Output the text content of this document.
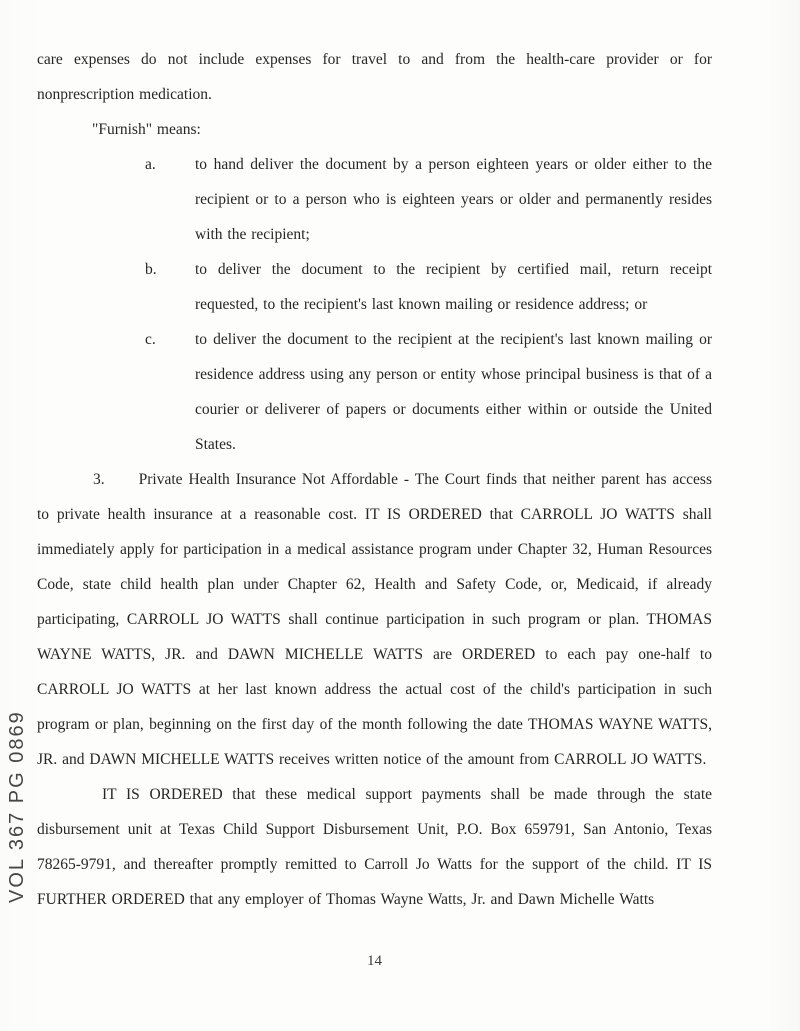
VOL 367 PG 0869

care expenses do not include expenses for travel to and from the health-care provider or for nonprescription medication.

"Furnish" means:

a.	to hand deliver the document by a person eighteen years or older either to the recipient or to a person who is eighteen years or older and permanently resides with the recipient;
b. to deliver the document to the recipient by certified mail, return receipt requested, to the recipient's last known mailing or residence address; or
c.	to deliver the document to the recipient at the recipient's last known mailing or residence address using any person or entity whose principal business is that of a courier or deliverer of papers or documents either within or outside the United States.

3. Private Health Insurance Not Affordable - The Court finds that neither parent has access to private health insurance at a reasonable cost. IT IS ORDERED that CARROLL JO WATTS shall immediately apply for participation in a medical assistance program under Chapter 32, Human Resources Code, state child health plan under Chapter 62, Health and Safety Code, or, Medicaid, if already participating, CARROLL JO WATTS shall continue participation in such program or plan. THOMAS WAYNE WATTS, JR. and DAWN MICHELLE WATTS are ORDERED to each pay one-half to CARROLL JO WATTS at her last known address the actual cost of the child's participation in such program or plan, beginning on the first day of the month following the date THOMAS WAYNE WATTS, JR. and DAWN MICHELLE WATTS receives written notice of the amount from CARROLL JO WATTS.

IT IS ORDERED that these medical support payments shall be made through the state disbursement unit at Texas Child Support Disbursement Unit, P.O. Box 659791, San Antonio, Texas 78265-9791, and thereafter promptly remitted to Carroll Jo Watts for the support of the child. IT IS FURTHER ORDERED that any employer of Thomas Wayne Watts, Jr. and Dawn Michelle Watts

14
